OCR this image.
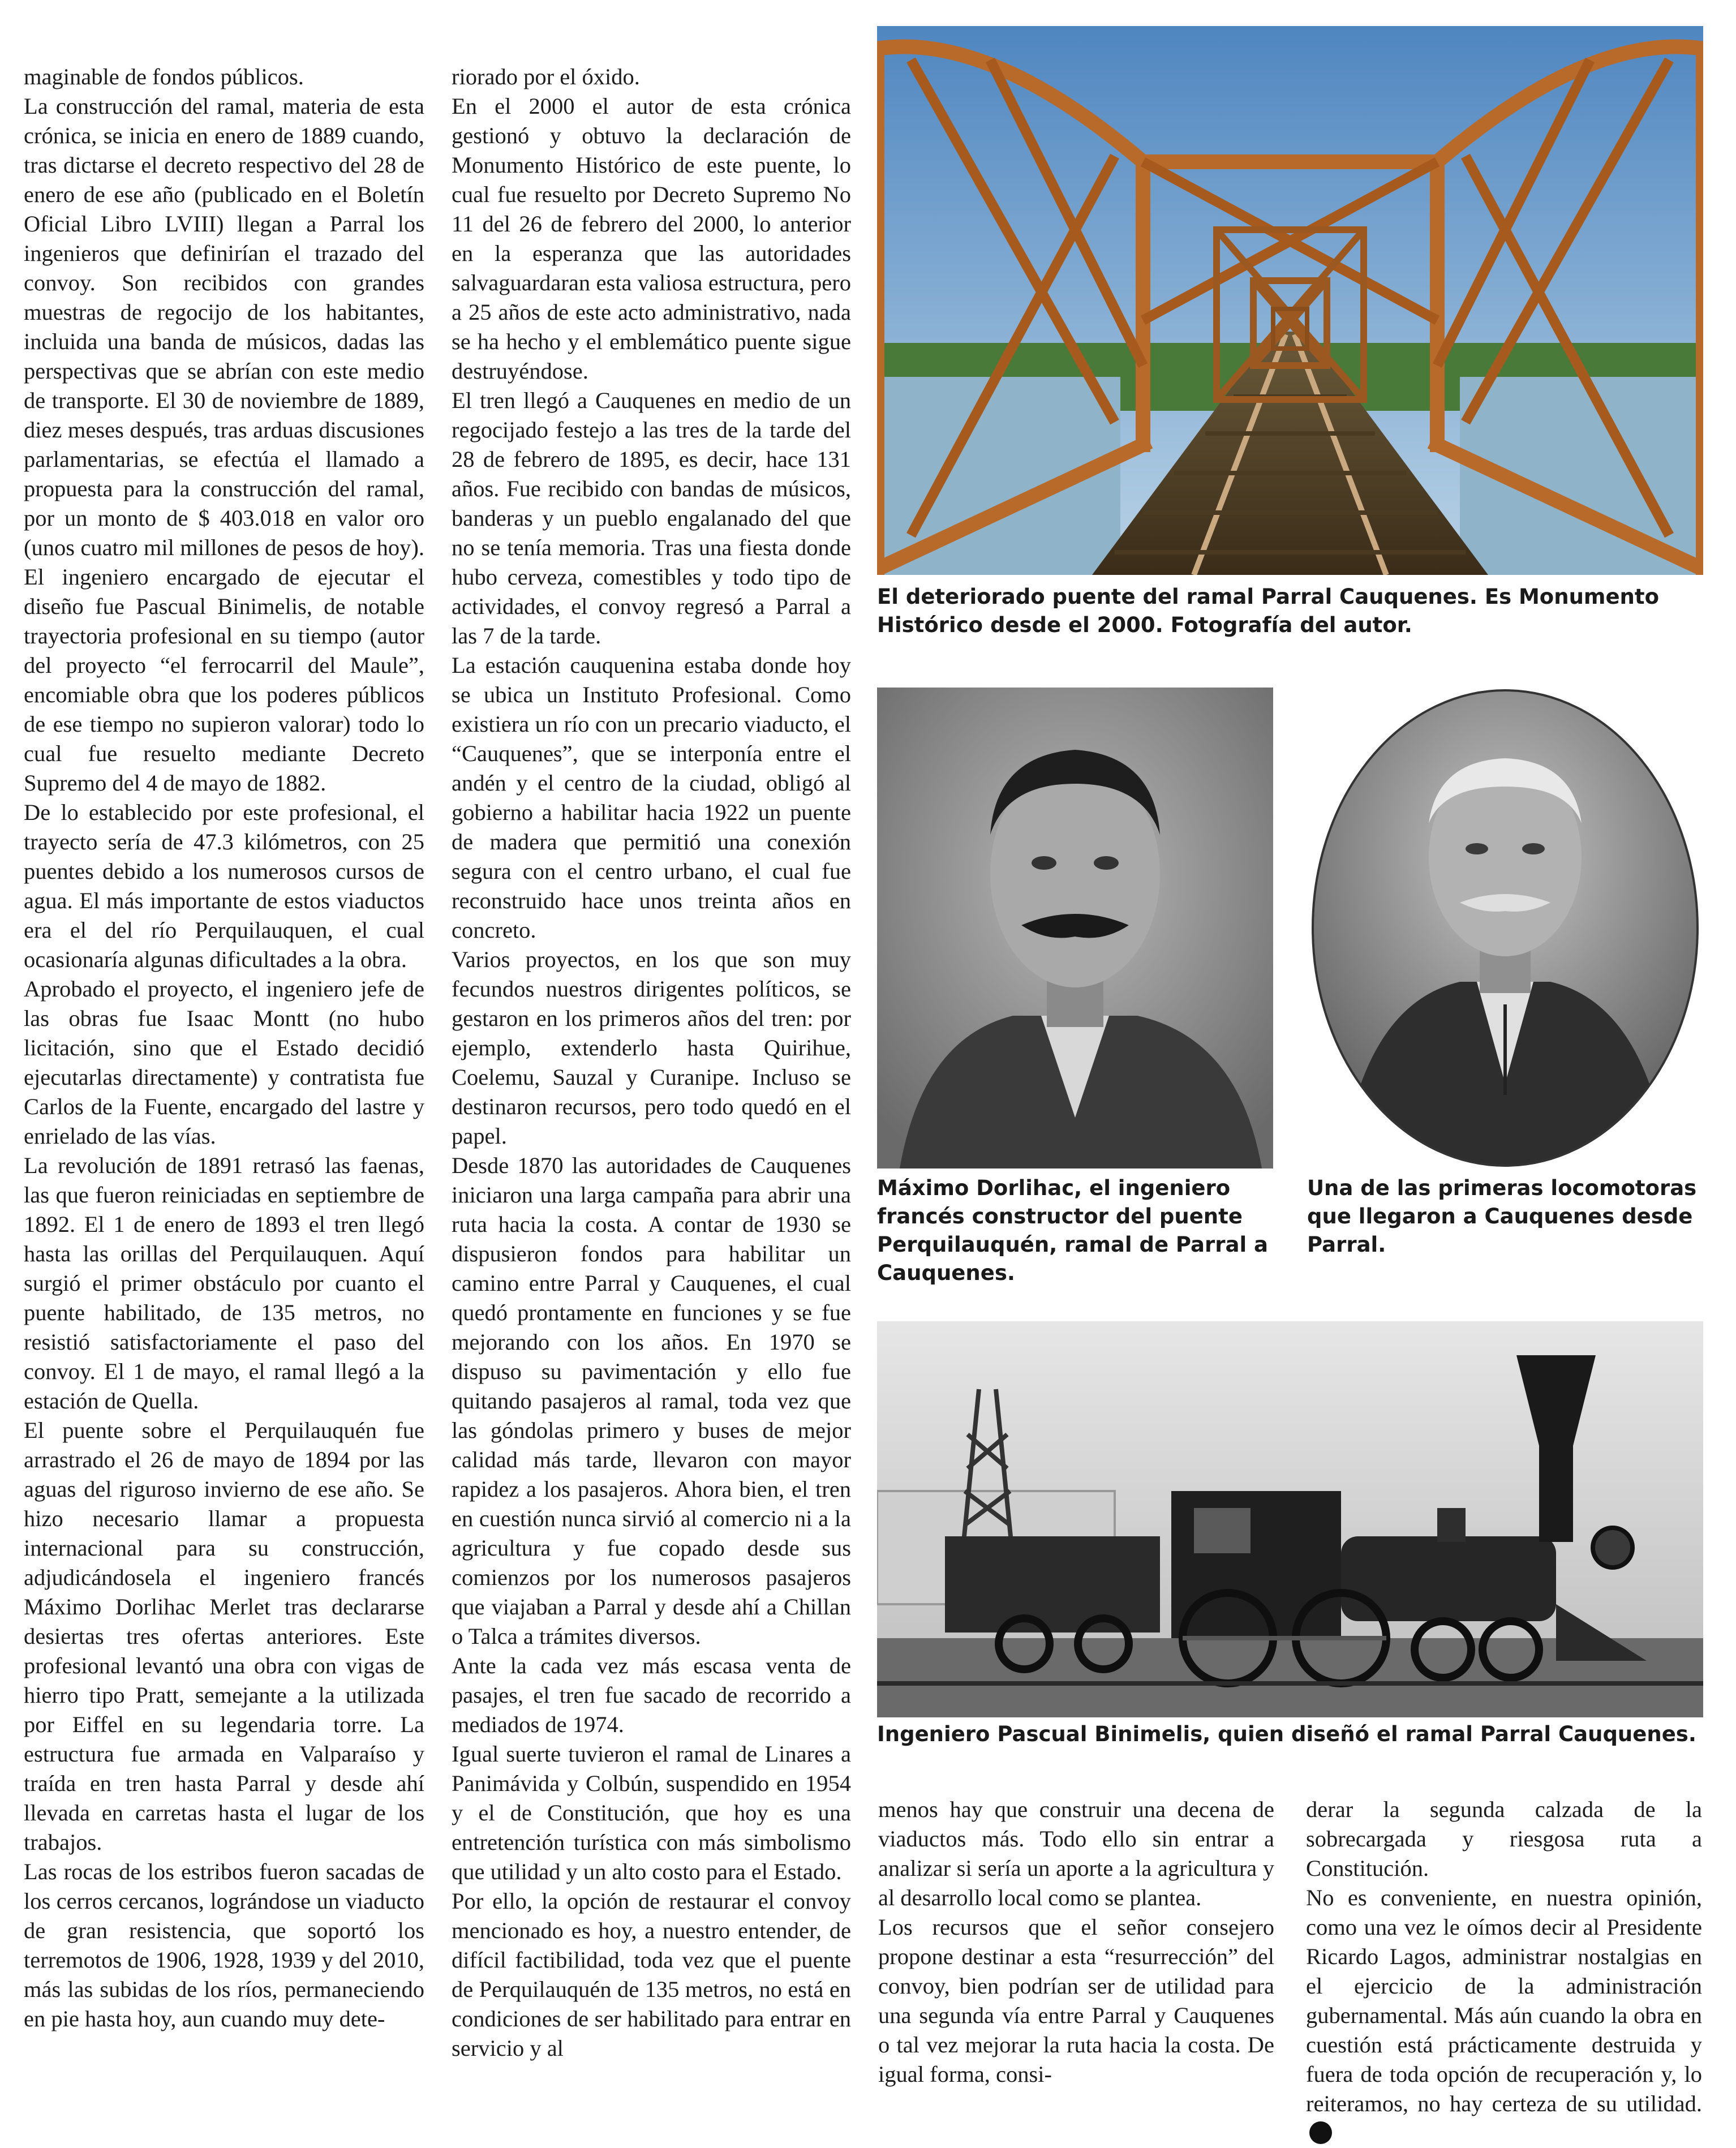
maginable de fondos públicos.

La construcción del ramal, materia de esta crónica, se inicia en enero de 1889 cuando, tras dictarse el decreto respectivo del 28 de enero de ese año (publicado en el Boletín Oficial Libro LVIII) llegan a Parral los ingenieros que definirían el trazado del convoy. Son recibidos con grandes muestras de regocijo de los habitantes, incluida una banda de músicos, dadas las perspectivas que se abrían con este medio de transporte. El 30 de noviembre de 1889, diez meses después, tras arduas discusiones parlamentarias, se efectúa el llamado a propuesta para la construcción del ramal, por un monto de $ 403.018 en valor oro (unos cuatro mil millones de pesos de hoy). El ingeniero encargado de ejecutar el diseño fue Pascual Binimelis, de notable trayectoria profesional en su tiempo (autor del proyecto “el ferrocarril del Maule”, encomiable obra que los poderes públicos de ese tiempo no supieron valorar) todo lo cual fue resuelto mediante Decreto Supremo del 4 de mayo de 1882.

De lo establecido por este profesional, el trayecto sería de 47.3 kilómetros, con 25 puentes debido a los numerosos cursos de agua. El más importante de estos viaductos era el del río Perquilauquen, el cual ocasionaría algunas dificultades a la obra.

Aprobado el proyecto, el ingeniero jefe de las obras fue Isaac Montt (no hubo licitación, sino que el Estado decidió ejecutarlas directamente) y contratista fue Carlos de la Fuente, encargado del lastre y enrielado de las vías.

La revolución de 1891 retrasó las faenas, las que fueron reiniciadas en septiembre de 1892. El 1 de enero de 1893 el tren llegó hasta las orillas del Perquilauquen. Aquí surgió el primer obstáculo por cuanto el puente habilitado, de 135 metros, no resistió satisfactoriamente el paso del convoy. El 1 de mayo, el ramal llegó a la estación de Quella.

El puente sobre el Perquilauquén fue arrastrado el 26 de mayo de 1894 por las aguas del riguroso invierno de ese año. Se hizo necesario llamar a propuesta internacional para su construcción, adjudicándosela el ingeniero francés Máximo Dorlihac Merlet tras declararse desiertas tres ofertas anteriores. Este profesional levantó una obra con vigas de hierro tipo Pratt, semejante a la utilizada por Eiffel en su legendaria torre. La estructura fue armada en Valparaíso y traída en tren hasta Parral y desde ahí llevada en carretas hasta el lugar de los trabajos.

Las rocas de los estribos fueron sacadas de los cerros cercanos, lográndose un viaducto de gran resistencia, que soportó los terremotos de 1906, 1928, 1939 y del 2010, más las subidas de los ríos, permaneciendo en pie hasta hoy, aun cuando muy dete-

riorado por el óxido.

En el 2000 el autor de esta crónica gestionó y obtuvo la declaración de Monumento Histórico de este puente, lo cual fue resuelto por Decreto Supremo No 11 del 26 de febrero del 2000, lo anterior en la esperanza que las autoridades salvaguardaran esta valiosa estructura, pero a 25 años de este acto administrativo, nada se ha hecho y el emblemático puente sigue destruyéndose.

El tren llegó a Cauquenes en medio de un regocijado festejo a las tres de la tarde del 28 de febrero de 1895, es decir, hace 131 años. Fue recibido con bandas de músicos, banderas y un pueblo engalanado del que no se tenía memoria. Tras una fiesta donde hubo cerveza, comestibles y todo tipo de actividades, el convoy regresó a Parral a las 7 de la tarde.

La estación cauquenina estaba donde hoy se ubica un Instituto Profesional. Como existiera un río con un precario viaducto, el “Cauquenes”, que se interponía entre el andén y el centro de la ciudad, obligó al gobierno a habilitar hacia 1922 un puente de madera que permitió una conexión segura con el centro urbano, el cual fue reconstruido hace unos treinta años en concreto.

Varios proyectos, en los que son muy fecundos nuestros dirigentes políticos, se gestaron en los primeros años del tren: por ejemplo, extenderlo hasta Quirihue, Coelemu, Sauzal y Curanipe. Incluso se destinaron recursos, pero todo quedó en el papel.

Desde 1870 las autoridades de Cauquenes iniciaron una larga campaña para abrir una ruta hacia la costa. A contar de 1930 se dispusieron fondos para habilitar un camino entre Parral y Cauquenes, el cual quedó prontamente en funciones y se fue mejorando con los años. En 1970 se dispuso su pavimentación y ello fue quitando pasajeros al ramal, toda vez que las góndolas primero y buses de mejor calidad más tarde, llevaron con mayor rapidez a los pasajeros. Ahora bien, el tren en cuestión nunca sirvió al comercio ni a la agricultura y fue copado desde sus comienzos por los numerosos pasajeros que viajaban a Parral y desde ahí a Chillan o Talca a trámites diversos.

Ante la cada vez más escasa venta de pasajes, el tren fue sacado de recorrido a mediados de 1974.

Igual suerte tuvieron el ramal de Linares a Panimávida y Colbún, suspendido en 1954 y el de Constitución, que hoy es una entretención turística con más simbolismo que utilidad y un alto costo para el Estado.

Por ello, la opción de restaurar el convoy mencionado es hoy, a nuestro entender, de difícil factibilidad, toda vez que el puente de Perquilauquén de 135 metros, no está en condiciones de ser habilitado para entrar en servicio y al

menos hay que construir una decena de viaductos más. Todo ello sin entrar a analizar si sería un aporte a la agricultura y al desarrollo local como se plantea.

Los recursos que el señor consejero propone destinar a esta “resurrección” del convoy, bien podrían ser de utilidad para una segunda vía entre Parral y Cauquenes o tal vez mejorar la ruta hacia la costa. De igual forma, consi-

derar la segunda calzada de la sobrecargada y riesgosa ruta a Constitución.

No es conveniente, en nuestra opinión, como una vez le oímos decir al Presidente Ricardo Lagos, administrar nostalgias en el ejercicio de la administración gubernamental. Más aún cuando la obra en cuestión está prácticamente destruida y fuera de toda opción de recuperación y, lo reiteramos, no hay certeza de su utilidad.

El deteriorado puente del ramal Parral Cauquenes. Es Monumento Histórico desde el 2000. Fotografía del autor.
Máximo Dorlihac, el ingeniero francés constructor del puente Perquilauquén, ramal de Parral a Cauquenes.
Una de las primeras locomotoras que llegaron a Cauquenes desde Parral.
Ingeniero Pascual Binimelis, quien diseñó el ramal Parral Cauquenes.
